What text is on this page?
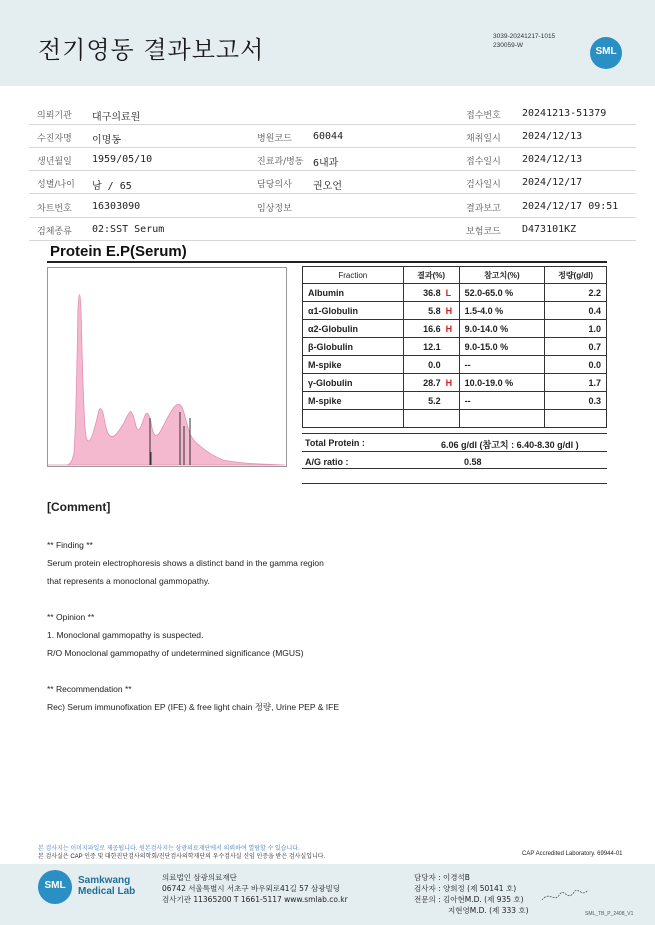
전기영동 결과보고서	3039-20241217-1015
230059-W
SML
의뢰기관 대구의료원	접수번호 20241213-51379
수진자명 이명동	병원코드 60044	채취일시 2024/12/13
생년월일 1959/05/10	진료과/병동 6내과	접수일시 2024/12/13
성별/나이 남 / 65	담당의사 권오언	검사일시 2024/12/17
차트번호 16303090	임상정보	결과보고 2024/12/17 09:51
검체종류 02:SST Serum	보험코드 D473101KZ
Protein E.P(Serum)
Fraction	결과(%)	참고치(%)	정량(g/dl)
Albumin	36.8 L	52.0-65.0 %	2.2
α1-Globulin	5.8 H	1.5-4.0 %	0.4
α2-Globulin	16.6 H	9.0-14.0 %	1.0
β-Globulin	12.1	9.0-15.0 %	0.7
M-spike	0.0	--	0.0
γ-Globulin	28.7 H	10.0-19.0 %	1.7
M-spike	5.2	--	0.3

Total Protein :	6.06 g/dl (참고치 : 6.40-8.30 g/dl )
A/G ratio :	0.58
[Comment]
** Finding **
Serum protein electrophoresis shows a distinct band in the gamma region
that represents a monoclonal gammopathy.
** Opinion **
1. Monoclonal gammopathy is suspected.
R/O Monoclonal gammopathy of undetermined significance (MGUS)
** Recommendation **
Rec) Serum immunofixation EP (IFE) & free light chain 정량, Urine PEP & IFE
본 검사지는 이미지파일로 제공됩니다. 원본검사지는 삼광의료재단에서 의뢰하여 열람할 수 있습니다.
본 검사실은 CAP 인증 및 대한진단검사의학회/진단검사의학재단의 우수검사실 신임 인증을 받은 검사실입니다.	CAP Accredited Laboratory. 69944-01
SML	Samkwang
Medical Lab
의료법인 삼광의료재단
06742 서울특별시 서초구 바우뫼로41길 57 삼광빌딩
검사기관 11365200 T 1661-5117 www.smlab.co.kr
담당자 : 이경석B
검사자 : 양희정 (제 50141 호)
전문의 : 김아현M.D. (제 935 호)
지현영M.D. (제 333 호)	SML_TB_P_2408_V1
